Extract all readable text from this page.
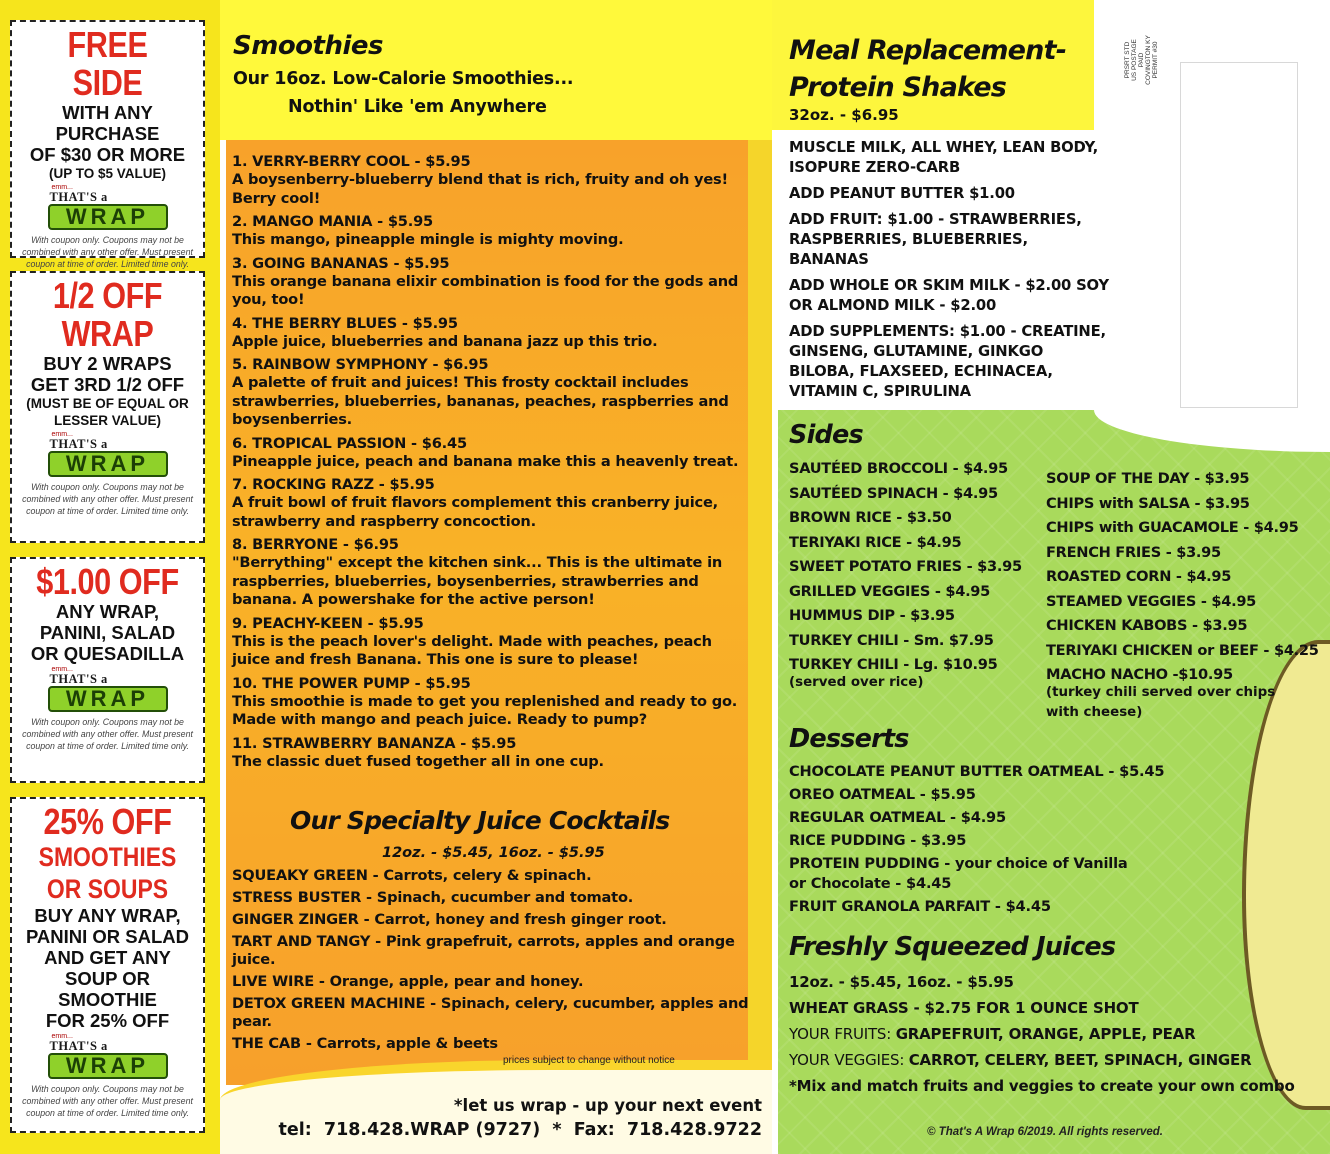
FREE SIDE
WITH ANY
PURCHASE
OF $30 OR MORE
(UP TO $5 VALUE)
emm...
THAT'S a
WRAP
With coupon only. Coupons may not be combined with any other offer. Must present coupon at time of order. Limited time only.
1/2 OFF
WRAP
BUY 2 WRAPS
GET 3RD 1/2 OFF
(MUST BE OF EQUAL OR LESSER VALUE)
emm...
THAT'S a
WRAP
With coupon only. Coupons may not be combined with any other offer. Must present coupon at time of order. Limited time only.
$1.00 OFF
ANY WRAP,
PANINI, SALAD
OR QUESADILLA
emm...
THAT'S a
WRAP
With coupon only. Coupons may not be combined with any other offer. Must present coupon at time of order. Limited time only.
25% OFF
SMOOTHIES
OR SOUPS
BUY ANY WRAP,
PANINI OR SALAD
AND GET ANY
SOUP OR SMOOTHIE
FOR 25% OFF
emm...
THAT'S a
WRAP
With coupon only. Coupons may not be combined with any other offer. Must present coupon at time of order. Limited time only.
Smoothies
Our 16oz. Low-Calorie Smoothies...
Nothin' Like 'em Anywhere
1. VERRY-BERRY COOL - $5.95
A boysenberry-blueberry blend that is rich, fruity and oh yes! Berry cool!
2. MANGO MANIA - $5.95
This mango, pineapple mingle is mighty moving.
3. GOING BANANAS - $5.95
This orange banana elixir combination is food for the gods and you, too!
4. THE BERRY BLUES - $5.95
Apple juice, blueberries and banana jazz up this trio.
5. RAINBOW SYMPHONY - $6.95
A palette of fruit and juices! This frosty cocktail includes strawberries, blueberries, bananas, peaches, raspberries and boysenberries.
6. TROPICAL PASSION - $6.45
Pineapple juice, peach and banana make this a heavenly treat.
7. ROCKING RAZZ - $5.95
A fruit bowl of fruit flavors complement this cranberry juice, strawberry and raspberry concoction.
8. BERRYONE - $6.95
"Berrything" except the kitchen sink... This is the ultimate in raspberries, blueberries, boysenberries, strawberries and banana. A powershake for the active person!
9. PEACHY-KEEN - $5.95
This is the peach lover's delight. Made with peaches, peach juice and fresh Banana. This one is sure to please!
10. THE POWER PUMP - $5.95
This smoothie is made to get you replenished and ready to go. Made with mango and peach juice. Ready to pump?
11. STRAWBERRY BANANZA - $5.95
The classic duet fused together all in one cup.
Our Specialty Juice Cocktails
12oz. - $5.45, 16oz. - $5.95
SQUEAKY GREEN - Carrots, celery & spinach.
STRESS BUSTER - Spinach, cucumber and tomato.
GINGER ZINGER - Carrot, honey and fresh ginger root.
TART AND TANGY - Pink grapefruit, carrots, apples and orange juice.
LIVE WIRE - Orange, apple, pear and honey.
DETOX GREEN MACHINE - Spinach, celery, cucumber, apples and pear.
THE CAB - Carrots, apple & beets
prices subject to change without notice
*let us wrap - up your next event
tel:  718.428.WRAP (9727)  *  Fax:  718.428.9722
PRSRT STD US POSTAGE PAID COVINGTON KY PERMIT #30
Meal Replacement-
Protein Shakes
32oz. - $6.95
MUSCLE MILK, ALL WHEY, LEAN BODY, ISOPURE ZERO-CARB
ADD PEANUT BUTTER $1.00
ADD FRUIT: $1.00 - STRAWBERRIES, RASPBERRIES, BLUEBERRIES, BANANAS
ADD WHOLE OR SKIM MILK - $2.00 SOY OR ALMOND MILK - $2.00
ADD SUPPLEMENTS: $1.00 - CREATINE, GINSENG, GLUTAMINE, GINKGO BILOBA, FLAXSEED, ECHINACEA, VITAMIN C, SPIRULINA
Sides
SAUTÉED BROCCOLI - $4.95
SAUTÉED SPINACH - $4.95
BROWN RICE - $3.50
TERIYAKI RICE - $4.95
SWEET POTATO FRIES - $3.95
GRILLED VEGGIES - $4.95
HUMMUS DIP - $3.95
TURKEY CHILI - Sm. $7.95
TURKEY CHILI - Lg. $10.95
(served over rice)
SOUP OF THE DAY - $3.95
CHIPS with SALSA - $3.95
CHIPS with GUACAMOLE - $4.95
FRENCH FRIES - $3.95
ROASTED CORN - $4.95
STEAMED VEGGIES - $4.95
CHICKEN KABOBS - $3.95
TERIYAKI CHICKEN or BEEF - $4.25
MACHO NACHO -$10.95
(turkey chili served over chips
with cheese)
Desserts
CHOCOLATE PEANUT BUTTER OATMEAL - $5.45
OREO OATMEAL - $5.95
REGULAR OATMEAL - $4.95
RICE PUDDING - $3.95
PROTEIN PUDDING - your choice of Vanilla or Chocolate - $4.45
FRUIT GRANOLA PARFAIT - $4.45
Freshly Squeezed Juices
12oz. - $5.45, 16oz. - $5.95
WHEAT GRASS - $2.75 FOR 1 OUNCE SHOT
YOUR FRUITS: GRAPEFRUIT, ORANGE, APPLE, PEAR
YOUR VEGGIES: CARROT, CELERY, BEET, SPINACH, GINGER
*Mix and match fruits and veggies to create your own combo
© That's A Wrap 6/2019. All rights reserved.
